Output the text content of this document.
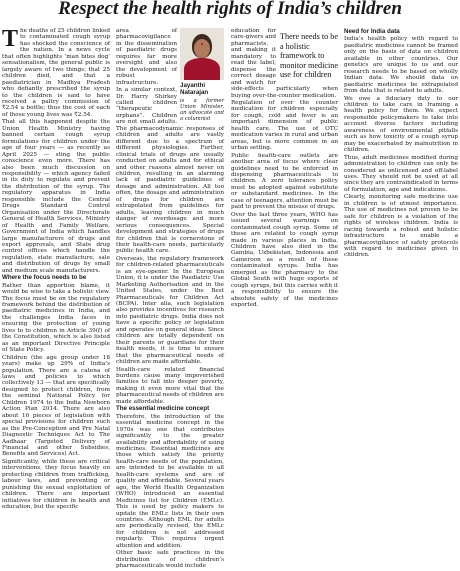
Respect the health rights of India’s children

The deaths of 25 children linked to contaminated cough syrup has shocked the conscience of the nation. In a news cycle that often highlights ‘man bites dog’ sensationalism, the general public is largely aware of two things: that 25 children died, and that a paediatrician in Madhya Pradesh who defiantly prescribed the syrup to the children is said to have received a paltry commission of ₹2.54 a bottle; thus the cost of each of those young lives was ₹2.54.

That all this happened despite the Union Health Ministry having banned certain cough syrup formulations for children under the age of four years — as recently as April 2025 — sting the public conscience even more. There has also been much discussion on responsibility — which agency failed in its duty to regulate and prevent the distribution of the syrup. The regulatory apparatus in India responsible include the Central Drugs Standard Control Organisation under the Directorate General of Health Services, Ministry of Health and Family Welfare, Government of India which handles large manufacturers of drugs and export approvals, and State drug control offices which handle the regulation, state manufacture, sale and distribution of drugs by small and medium scale manufacturers.

Where the focus needs to be

Rather than apportion blame, it would be wise to take a holistic view. The focus must be on the regulatory framework behind the distribution of paediatric medicines in India, and the challenges India faces in ensuring the protection of young lives to to children in Article 39(f) of the Constitution, which is also listed as an important Directive Principle of State Policy.

Children (the age group under 18 years) make up 29% of India’s population. There are a catena of laws and policies to which collectively 13 — that are specifically designed to protect children, from the seminal National Policy for Children 1974 to the India Newborn Action Plan 2014. There are also about 16 pieces of legislation with special provisions for children such as the Pre-Conception and Pre Natal Diagnostic Techniques Act to The Aadhaar (Targeted Delivery of Financial and other Subsidies, Benefits and Services) Act.

Significantly, while these are critical interventions, they focus heavily on protecting children from trafficking, labour laws, and preventing or punishing the sexual exploitation of children. There are important initiatives for children in health and education, but the specific

Jayanthi
Natarajan
is a former Union Minister, an advocate and a columnist

area of pharmacovigilance in the dissemination of paediatric drugs requires far more oversight and also the development of robust infrastructure.

In a similar context, Dr. Harry Shirkey called children “therapeutic orphans”. Children are not small adults. The pharmacodynamic responses of children and adults are vastly different due to a spectrum of different physiologies. Further, clinical trials of drugs are usually conducted on adults and for ethical and other reasons almost never on children, resulting in an alarming lack of paediatric guidelines of dosage and administration. All too often, the dosage and administration of drugs for children are extrapolated from guidelines for adults, leaving children in much danger of overdosage and more serious consequences. Special development and strategies of drugs for children that is cornerstone of their health-care needs, particularly public health care.

Overseas, the regulatory framework for children-related pharmaceuticals is an eye-opener. In the European Union, it is under the Paediatric Use Marketing Authorisation and in the United States, under the Best Pharmaceuticals for Children Act (BCPA). Inter alia, such legislation also provides incentives for research into paediatric drugs. India does not have a specific policy or legislation and operates on general ideas. Since children are totally dependent on their parents or guardians for their health needs, it is time to ensure that the pharmaceutical needs of children are made affordable.

Health-care related financial burdens cause many impoverished families to fall into deeper poverty, making it even more vital that the pharmaceutical needs of children are made affordable.

The essential medicine concept

Therefore, the introduction of the essential medicine concept in the 1970s was one that contributes significantly to the greater availability and affordability of using medicines. Essential medicines are those which satisfy the priority health-care needs of the population, are intended to be available in all health-care systems and are of quality and affordable. Several years ago, the World Health Organization (WHO) introduced an essential Medicines list for Children (EMLc). This is used by policy makers to update the EMLc lists in their own countries. Although EML for adults are periodically revised, the EMLc for children is not addressed regularly. This requires urgent attention and addition.

Other basic safe practices in the distribution of children’s pharmaceuticals would include

There needs to be a holistic framework to monitor medicine use for children

education for care-givers and pharmacists, and making it mandatory to read the label, dispense the correct dosage and watch for side-effects particularly when buying over-the-counter medication.

Regulation of over the counter medication for children especially for cough, cold and fever is an important dimension of public health care. The use of OTC medication varies in rural and urban areas, but is more common in an urban setting.

Public health-care outlets are another area of focus where clear guidelines need to be enforced in dispensing pharmaceuticals to children. A zero tolerance policy must be adopted against substitute or substandard medicines. In the case of teenagers, attention must be paid to prevent the misuse of drugs.

Over the last three years, WHO has issued several warnings on contaminated cough syrup. Some of these are related to cough syrup made in various places in India. Children have also died in the Gambia, Uzbekistan, Indonesia and Cameroon as a result of these contaminated syrups. India has emerged as the pharmacy to the Global South with huge exports of cough syrups, but this carries with it a responsibility to ensure the absolute safety of the medicines exported.

Need for India data

India’s health policy with regard to paediatric medicines cannot be framed only on the basis of data on children available in other countries. Our genetics are unique to us and our research needs to be based on wholly Indian data. We should data on paediatric medicines be extrapolated from data that is related to adults.

We owe a fiduciary duty to our children to take care in framing a health policy for them. We expect responsible policymakers to take into account diverse factors including awareness of environmental pitfalls such as how toxicity of a cough syrup may be exacerbated by malnutrition in children.

Thus, adult medicines modified during administration to children can only be considered as unlicensed and off-label uses. They should not be used at all since they are contraindicated in terms of formulation, age and indications.

Clearly, monitoring safe medicine use in children is of utmost importance. The use of medicines not proven to be safe for children is a violation of the rights of wireless children. India is racing towards a robust and holistic infrastructure to enable a pharmacovigilance of safety protocols with regard to medicines given to children.
